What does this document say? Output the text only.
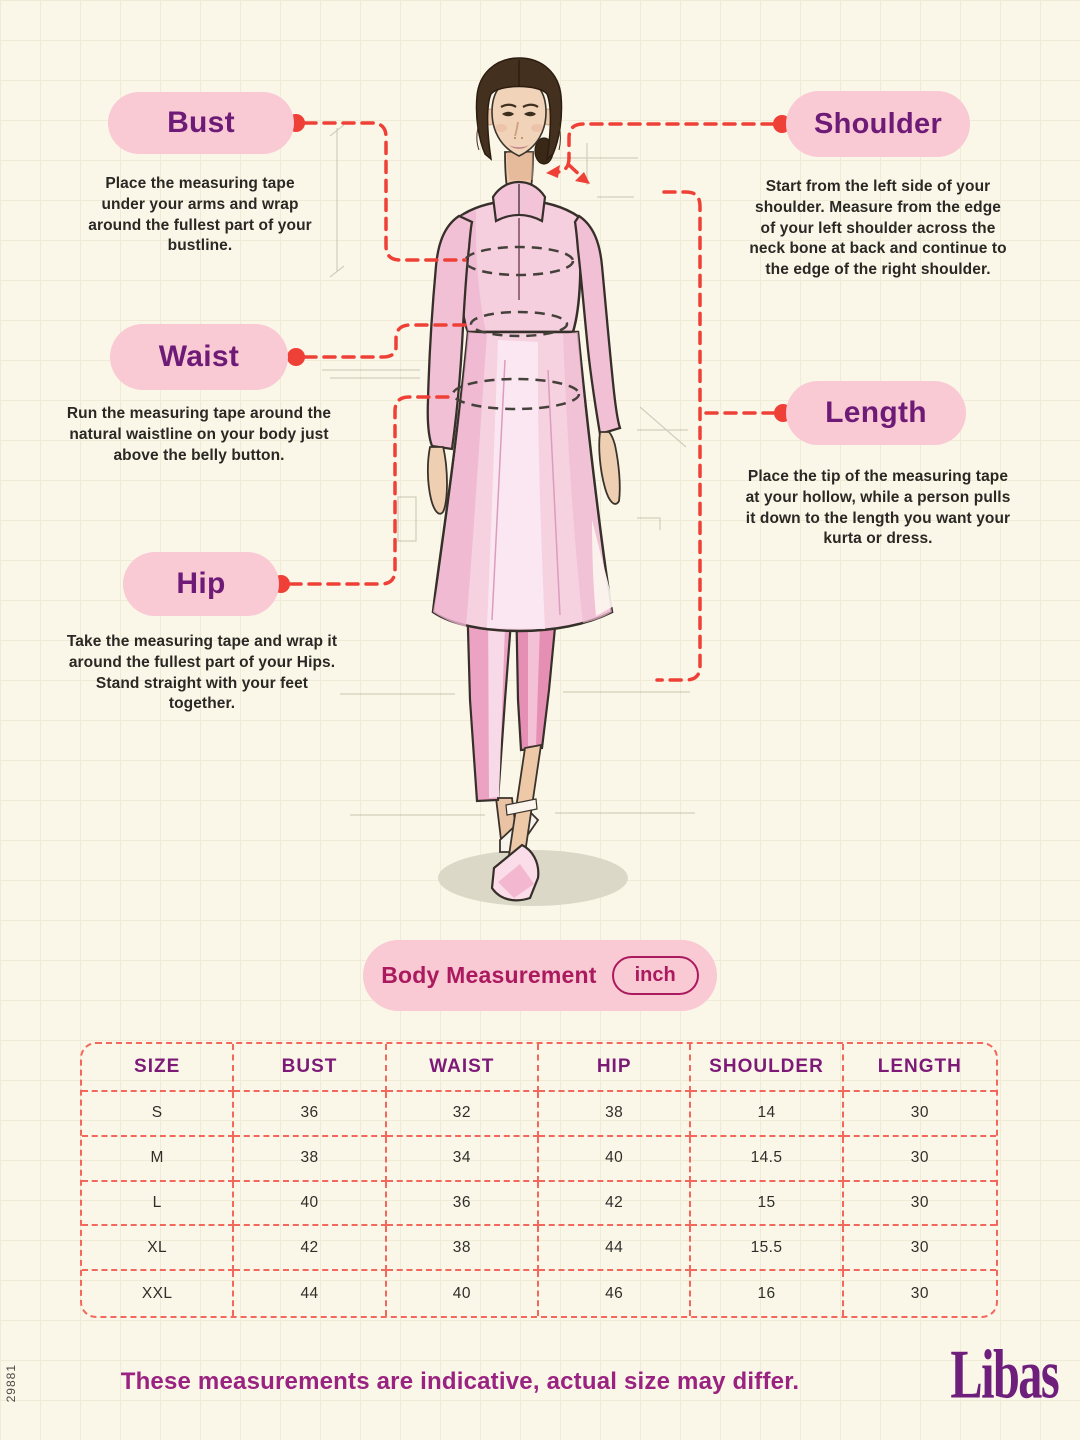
Bust
Place the measuring tape under your arms and wrap around the fullest part of your bustline.
Shoulder
Start from the left side of your shoulder. Measure from the edge of your left shoulder across the neck bone at back and continue to the edge of the right shoulder.
Waist
Run the measuring tape around the natural waistline on your body just above the belly button.
Length
Place the tip of the measuring tape at your hollow, while a person pulls it down to the length you want your kurta or dress.
Hip
Take the measuring tape and wrap it around the fullest part of your Hips. Stand straight with your feet together.
Body Measurement	inch
SIZE	BUST	WAIST	HIP	SHOULDER	LENGTH
S	36	32	38	14	30
M	38	34	40	14.5	30
L	40	36	42	15	30
XL	42	38	44	15.5	30
XXL	44	40	46	16	30
These measurements are indicative, actual size may differ.	Libas
29881
